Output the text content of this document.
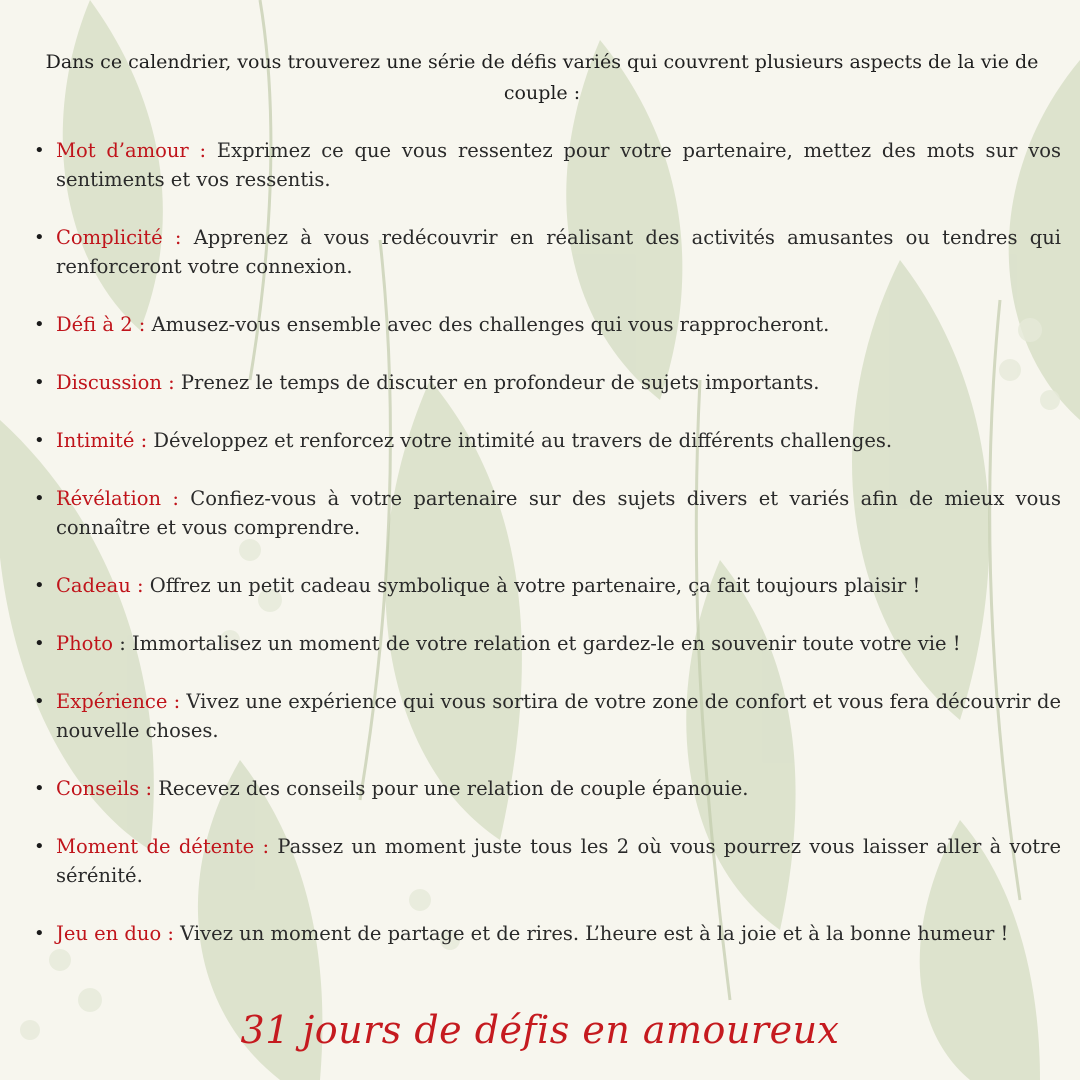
Dans ce calendrier, vous trouverez une série de défis variés qui couvrent plusieurs aspects de la vie de couple :
• Mot d’amour : Exprimez ce que vous ressentez pour votre partenaire, mettez des mots sur vos sentiments et vos ressentis.
• Complicité : Apprenez à vous redécouvrir en réalisant des activités amusantes ou tendres qui renforceront votre connexion.
• Défi à 2 : Amusez-vous ensemble avec des challenges qui vous rapprocheront.
• Discussion : Prenez le temps de discuter en profondeur de sujets importants.
• Intimité : Développez et renforcez votre intimité au travers de différents challenges.
• Révélation : Confiez-vous à votre partenaire sur des sujets divers et variés afin de mieux vous connaître et vous comprendre.
• Cadeau : Offrez un petit cadeau symbolique à votre partenaire, ça fait toujours plaisir !
• Photo : Immortalisez un moment de votre relation et gardez-le en souvenir toute votre vie !
• Expérience : Vivez une expérience qui vous sortira de votre zone de confort et vous fera découvrir de nouvelle choses.
• Conseils : Recevez des conseils pour une relation de couple épanouie.
• Moment de détente : Passez un moment juste tous les 2 où vous pourrez vous laisser aller à votre sérénité.
• Jeu en duo : Vivez un moment de partage et de rires. L’heure est à la joie et à la bonne humeur !
31 jours de défis en amoureux
